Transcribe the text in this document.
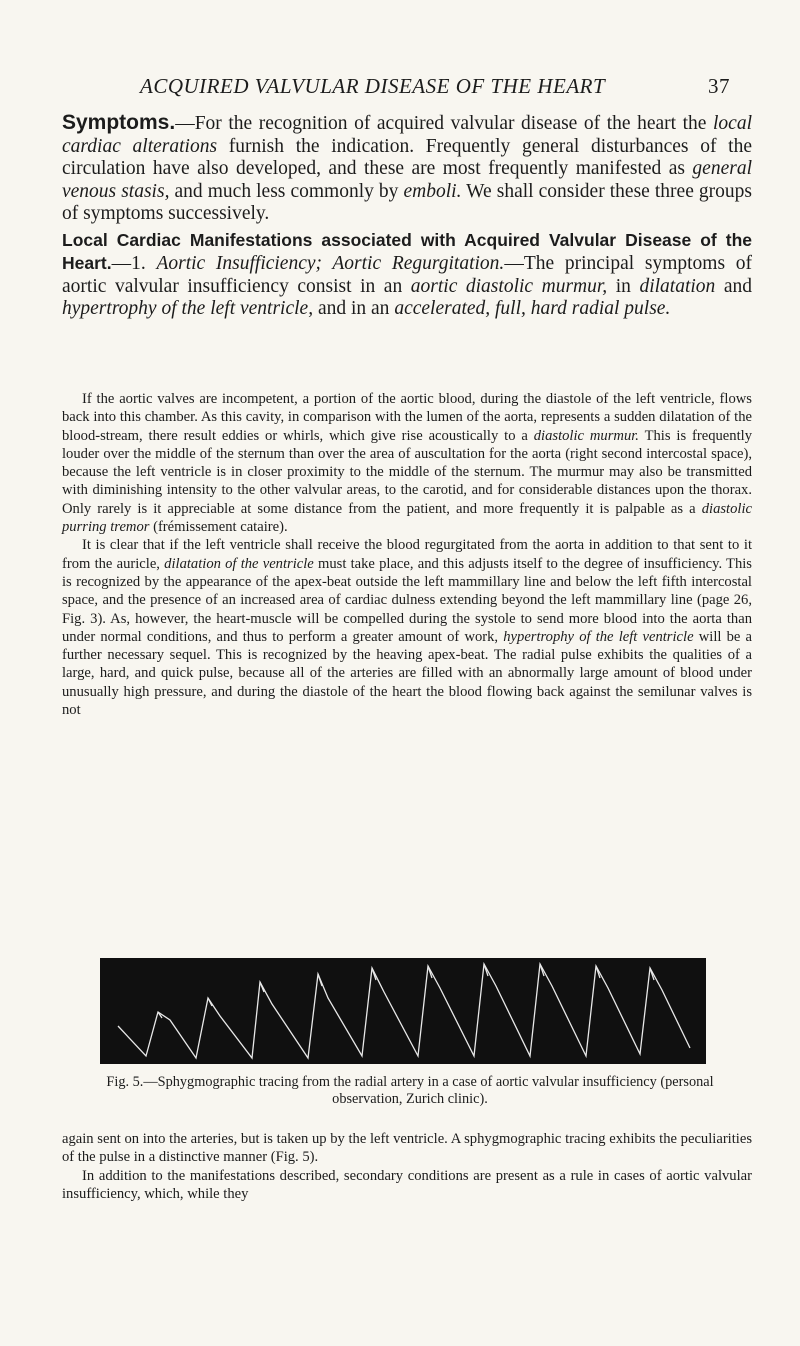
ACQUIRED VALVULAR DISEASE OF THE HEART	37

Symptoms.—For the recognition of acquired valvular disease of the heart the local cardiac alterations furnish the indication. Frequently general disturbances of the circulation have also developed, and these are most frequently manifested as general venous stasis, and much less commonly by emboli. We shall consider these three groups of symptoms successively.

Local Cardiac Manifestations associated with Acquired Valvular Disease of the Heart.—1. Aortic Insufficiency; Aortic Regurgitation.—The principal symptoms of aortic valvular insufficiency consist in an aortic diastolic murmur, in dilatation and hypertrophy of the left ventricle, and in an accelerated, full, hard radial pulse.

If the aortic valves are incompetent, a portion of the aortic blood, during the diastole of the left ventricle, flows back into this chamber. As this cavity, in comparison with the lumen of the aorta, represents a sudden dilatation of the blood-stream, there result eddies or whirls, which give rise acoustically to a diastolic murmur. This is frequently louder over the middle of the sternum than over the area of auscultation for the aorta (right second intercostal space), because the left ventricle is in closer proximity to the middle of the sternum. The murmur may also be transmitted with diminishing intensity to the other valvular areas, to the carotid, and for considerable distances upon the thorax. Only rarely is it appreciable at some distance from the patient, and more frequently it is palpable as a diastolic purring tremor (frémissement cataire).

It is clear that if the left ventricle shall receive the blood regurgitated from the aorta in addition to that sent to it from the auricle, dilatation of the ventricle must take place, and this adjusts itself to the degree of insufficiency. This is recognized by the appearance of the apex-beat outside the left mammillary line and below the left fifth intercostal space, and the presence of an increased area of cardiac dulness extending beyond the left mammillary line (page 26, Fig. 3). As, however, the heart-muscle will be compelled during the systole to send more blood into the aorta than under normal conditions, and thus to perform a greater amount of work, hypertrophy of the left ventricle will be a further necessary sequel. This is recognized by the heaving apex-beat. The radial pulse exhibits the qualities of a large, hard, and quick pulse, because all of the arteries are filled with an abnormally large amount of blood under unusually high pressure, and during the diastole of the heart the blood flowing back against the semilunar valves is not

Fig. 5.—Sphygmographic tracing from the radial artery in a case of aortic valvular insufficiency (personal observation, Zurich clinic).

again sent on into the arteries, but is taken up by the left ventricle. A sphygmographic tracing exhibits the peculiarities of the pulse in a distinctive manner (Fig. 5).

In addition to the manifestations described, secondary conditions are present as a rule in cases of aortic valvular insufficiency, which, while they
